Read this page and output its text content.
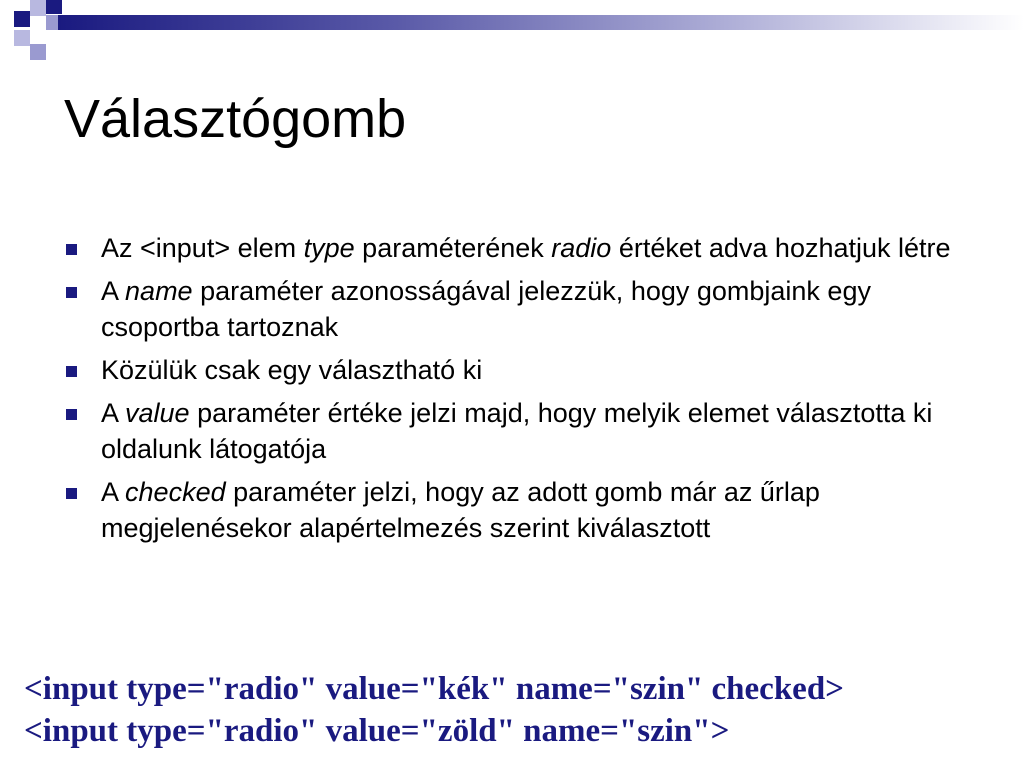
Választógomb
Az <input> elem type paraméterének radio értéket adva hozhatjuk létre
A name paraméter azonosságával jelezzük, hogy gombjaink egy csoportba tartoznak
Közülük csak egy választható ki
A value paraméter értéke jelzi majd, hogy melyik elemet választotta ki oldalunk látogatója
A checked paraméter jelzi, hogy az adott gomb már az űrlap megjelenésekor alapértelmezés szerint kiválasztott
<input type="radio" value="kék" name="szin" checked>
<input type="radio" value="zöld" name="szin">
